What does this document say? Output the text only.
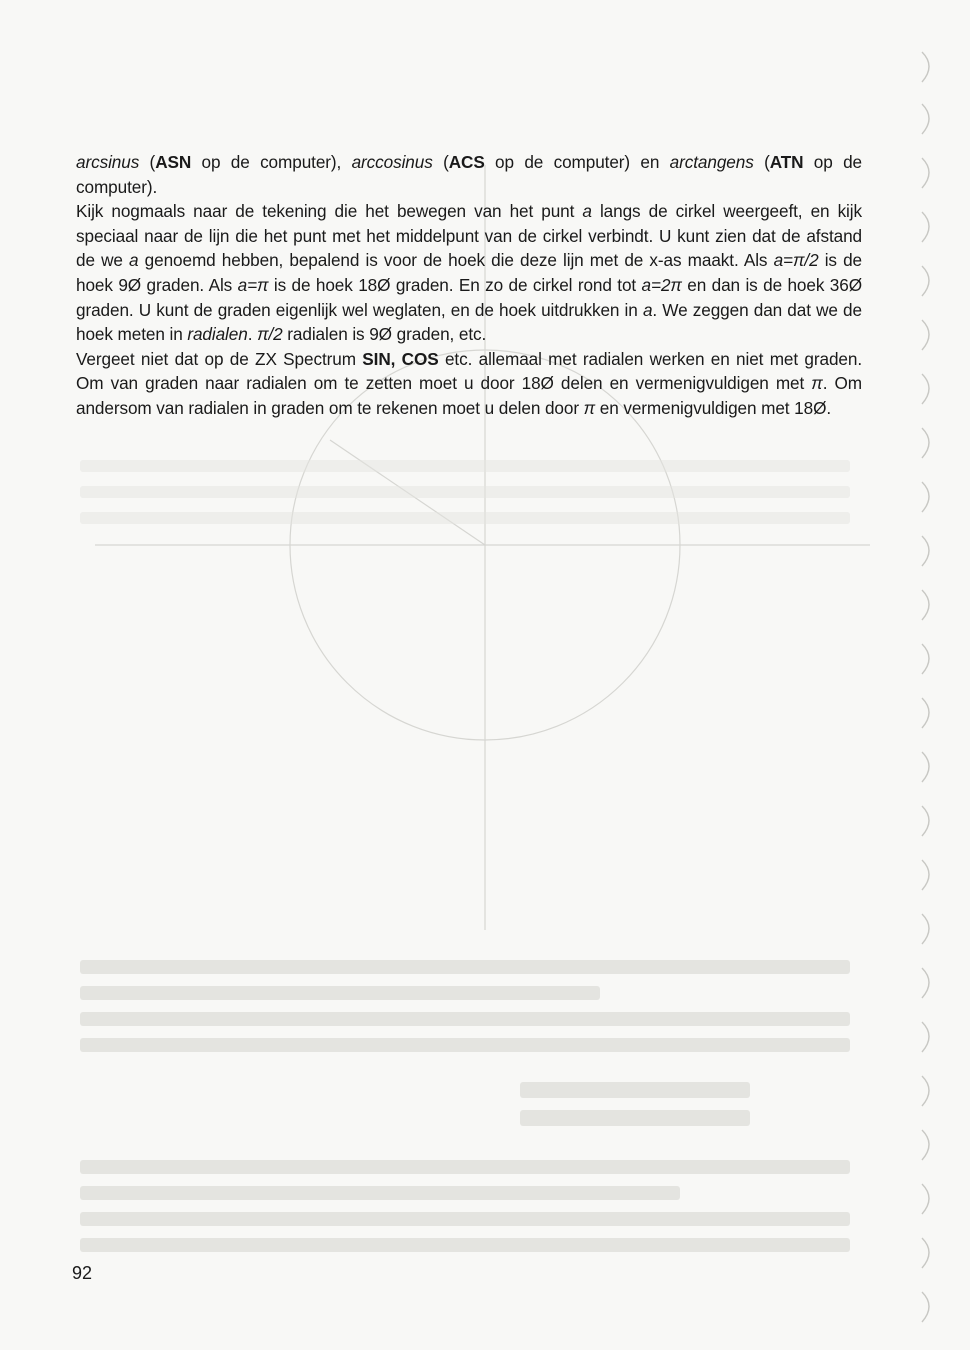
arcsinus (ASN op de computer), arccosinus (ACS op de computer) en arctangens (ATN op de computer).

Kijk nogmaals naar de tekening die het bewegen van het punt a langs de cirkel weergeeft, en kijk speciaal naar de lijn die het punt met het middelpunt van de cirkel verbindt. U kunt zien dat de afstand de we a genoemd hebben, bepalend is voor de hoek die deze lijn met de x-as maakt. Als a=π/2 is de hoek 9Ø graden. Als a=π is de hoek 18Ø graden. En zo de cirkel rond tot a=2π en dan is de hoek 36Ø graden. U kunt de graden eigenlijk wel weglaten, en de hoek uitdrukken in a. We zeggen dan dat we de hoek meten in radialen. π/2 radialen is 9Ø graden, etc.

Vergeet niet dat op de ZX Spectrum SIN, COS etc. allemaal met radialen werken en niet met graden. Om van graden naar radialen om te zetten moet u door 18Ø delen en vermenigvuldigen met π. Om andersom van radialen in graden om te rekenen moet u delen door π en vermenigvuldigen met 18Ø.

92
